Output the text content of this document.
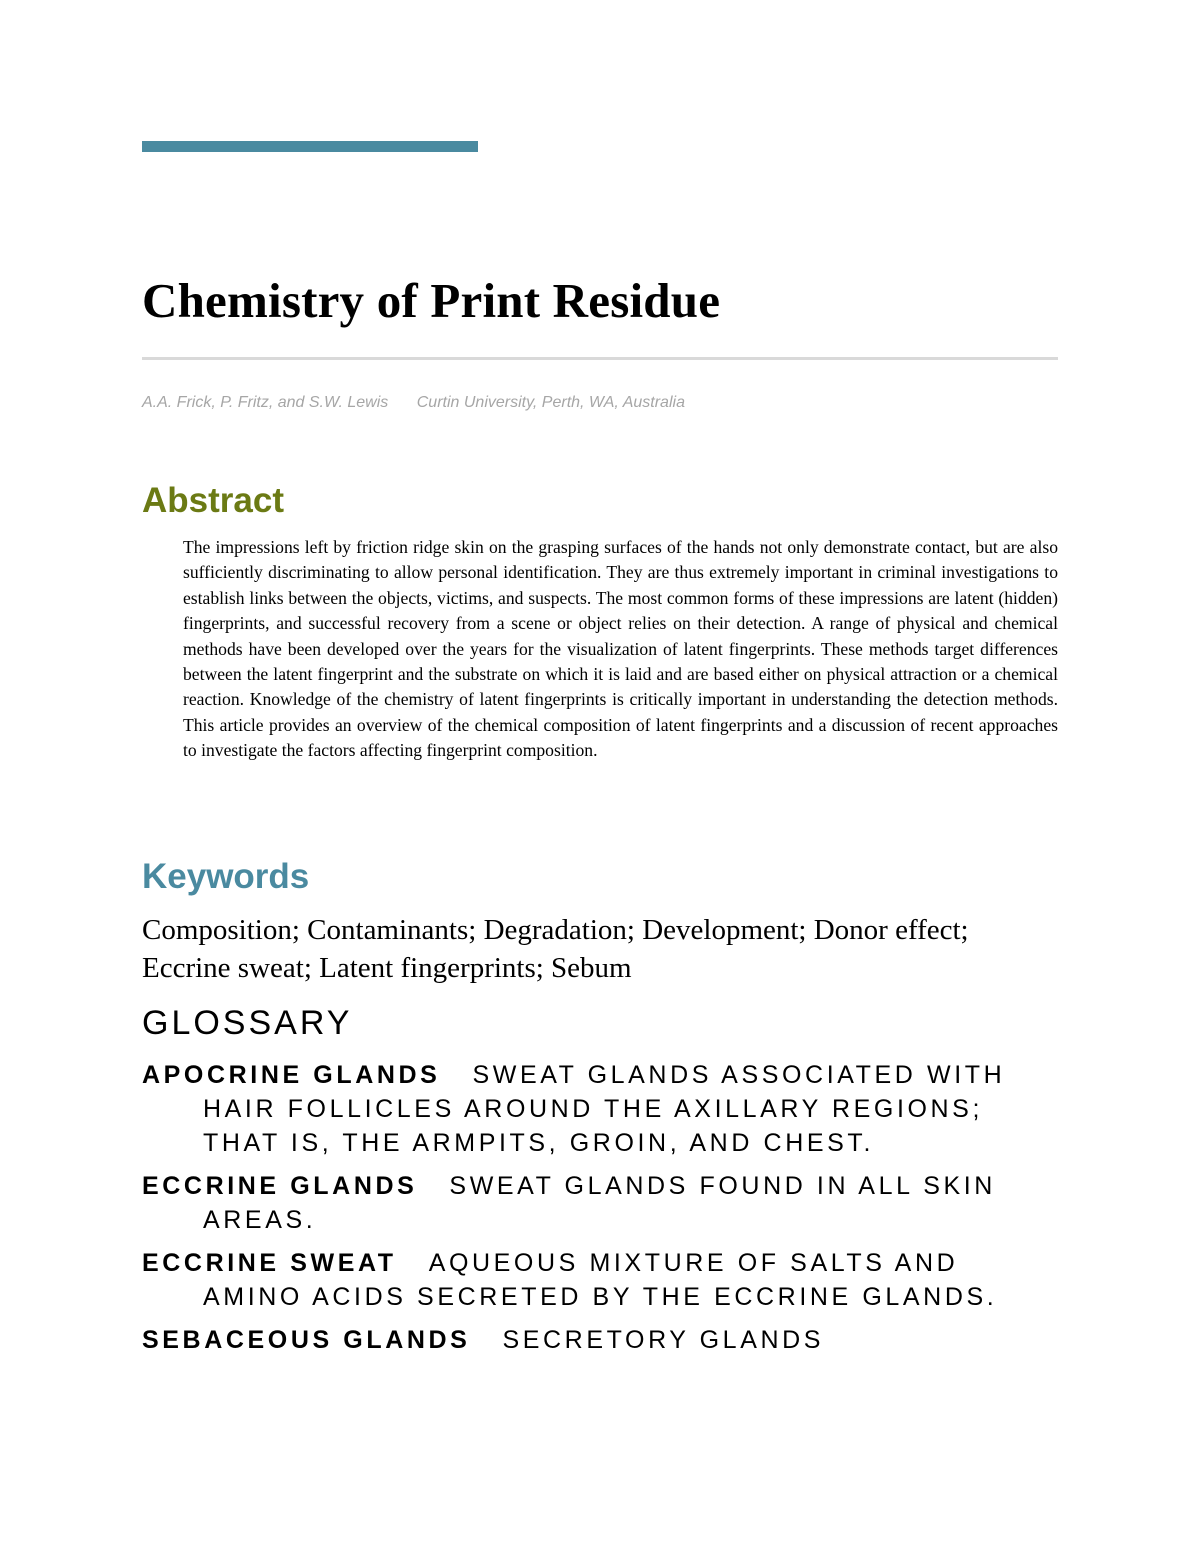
Chemistry of Print Residue
A.A. Frick, P. Fritz, and S.W. Lewis Curtin University, Perth, WA, Australia
Abstract

The impressions left by friction ridge skin on the grasping surfaces of the hands not only demonstrate contact, but are also sufficiently discriminating to allow personal identification. They are thus extremely important in criminal investigations to establish links between the objects, victims, and suspects. The most common forms of these impressions are latent (hidden) fingerprints, and successful recovery from a scene or object relies on their detection. A range of physical and chemical methods have been developed over the years for the visualization of latent fingerprints. These methods target differences between the latent fingerprint and the substrate on which it is laid and are based either on physical attraction or a chemical reaction. Knowledge of the chemistry of latent fingerprints is critically important in understanding the detection methods. This article provides an overview of the chemical composition of latent fingerprints and a discussion of recent approaches to investigate the factors affecting fingerprint composition.

Keywords

Composition; Contaminants; Degradation; Development; Donor effect; Eccrine sweat; Latent fingerprints; Sebum

GLOSSARY

APOCRINE GLANDS SWEAT GLANDS ASSOCIATED WITH HAIR FOLLICLES AROUND THE AXILLARY REGIONS; THAT IS, THE ARMPITS, GROIN, AND CHEST.

ECCRINE GLANDS SWEAT GLANDS FOUND IN ALL SKIN AREAS.

ECCRINE SWEAT AQUEOUS MIXTURE OF SALTS AND AMINO ACIDS SECRETED BY THE ECCRINE GLANDS.

SEBACEOUS GLANDS SECRETORY GLANDS
